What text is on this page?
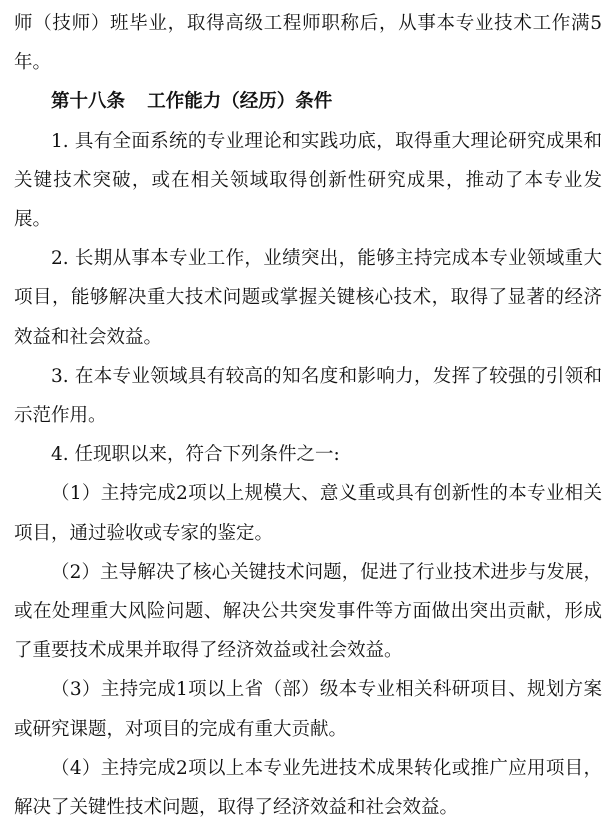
师（技师）班毕业，取得高级工程师职称后，从事本专业技术工作满5年。

第十八条 工作能力（经历）条件

1. 具有全面系统的专业理论和实践功底，取得重大理论研究成果和关键技术突破，或在相关领域取得创新性研究成果，推动了本专业发展。

2. 长期从事本专业工作，业绩突出，能够主持完成本专业领域重大项目，能够解决重大技术问题或掌握关键核心技术，取得了显著的经济效益和社会效益。

3. 在本专业领域具有较高的知名度和影响力，发挥了较强的引领和示范作用。

4. 任现职以来，符合下列条件之一:

（1）主持完成2项以上规模大、意义重或具有创新性的本专业相关项目，通过验收或专家的鉴定。

（2）主导解决了核心关键技术问题，促进了行业技术进步与发展，或在处理重大风险问题、解决公共突发事件等方面做出突出贡献，形成了重要技术成果并取得了经济效益或社会效益。

（3）主持完成1项以上省（部）级本专业相关科研项目、规划方案或研究课题，对项目的完成有重大贡献。

（4）主持完成2项以上本专业先进技术成果转化或推广应用项目，解决了关键性技术问题，取得了经济效益和社会效益。
